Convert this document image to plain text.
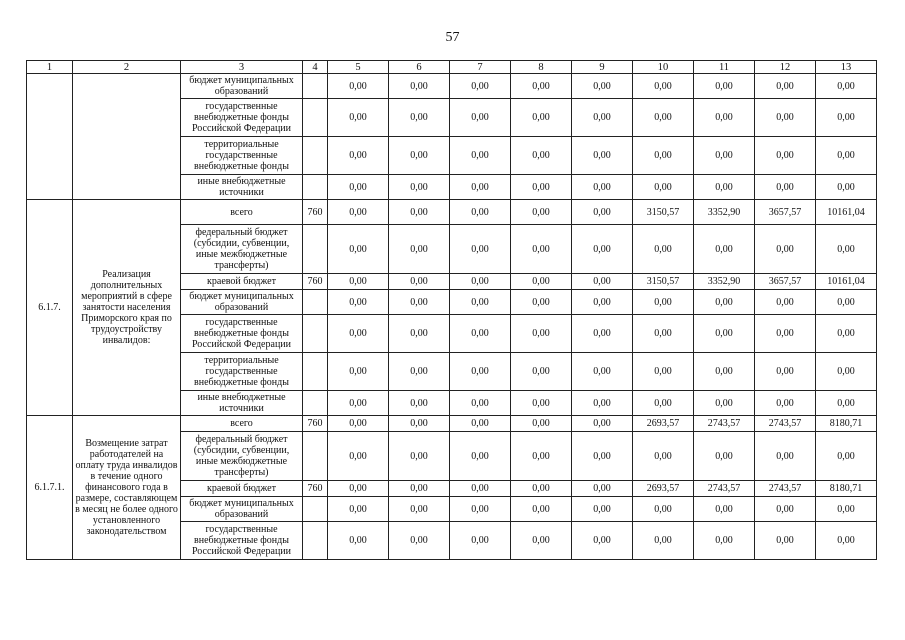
57
1	2	3	4	5	6	7	8	9	10	11	12	13
		бюджет муниципальных образований		0,00	0,00	0,00	0,00	0,00	0,00	0,00	0,00	0,00
		государственные внебюджетные фонды Российской Федерации		0,00	0,00	0,00	0,00	0,00	0,00	0,00	0,00	0,00
		территориальные государственные внебюджетные фонды		0,00	0,00	0,00	0,00	0,00	0,00	0,00	0,00	0,00
		иные внебюджетные источники		0,00	0,00	0,00	0,00	0,00	0,00	0,00	0,00	0,00
6.1.7.	Реализация дополнительных мероприятий в сфере занятости населения Приморского края по трудоустройству инвалидов:	всего	760	0,00	0,00	0,00	0,00	0,00	3150,57	3352,90	3657,57	10161,04
		федеральный бюджет (субсидии, субвенции, иные межбюджетные трансферты)		0,00	0,00	0,00	0,00	0,00	0,00	0,00	0,00	0,00
		краевой бюджет	760	0,00	0,00	0,00	0,00	0,00	3150,57	3352,90	3657,57	10161,04
		бюджет муниципальных образований		0,00	0,00	0,00	0,00	0,00	0,00	0,00	0,00	0,00
		государственные внебюджетные фонды Российской Федерации		0,00	0,00	0,00	0,00	0,00	0,00	0,00	0,00	0,00
		территориальные государственные внебюджетные фонды		0,00	0,00	0,00	0,00	0,00	0,00	0,00	0,00	0,00
		иные внебюджетные источники		0,00	0,00	0,00	0,00	0,00	0,00	0,00	0,00	0,00
6.1.7.1.	Возмещение затрат работодателей на оплату труда инвалидов в течение одного финансового года в размере, составляющем в месяц не более одного установленного законодательством	всего	760	0,00	0,00	0,00	0,00	0,00	2693,57	2743,57	2743,57	8180,71
		федеральный бюджет (субсидии, субвенции, иные межбюджетные трансферты)		0,00	0,00	0,00	0,00	0,00	0,00	0,00	0,00	0,00
		краевой бюджет	760	0,00	0,00	0,00	0,00	0,00	2693,57	2743,57	2743,57	8180,71
		бюджет муниципальных образований		0,00	0,00	0,00	0,00	0,00	0,00	0,00	0,00	0,00
		государственные внебюджетные фонды Российской Федерации		0,00	0,00	0,00	0,00	0,00	0,00	0,00	0,00	0,00
